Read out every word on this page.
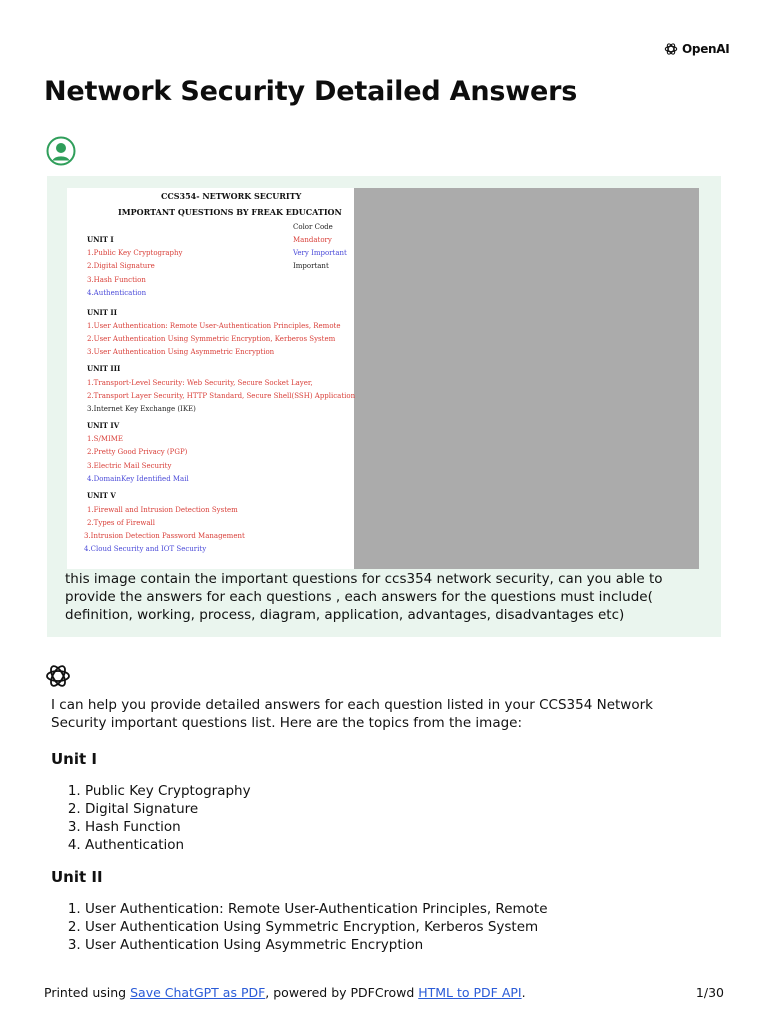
OpenAI
Network Security Detailed Answers
CCS354- NETWORK SECURITY
IMPORTANT QUESTIONS BY FREAK EDUCATION
Color Code
Mandatory
Very Important
Important
UNIT I
1.Public Key Cryptography
2.Digital Signature
3.Hash Function
4.Authentication
UNIT II
1.User Authentication: Remote User-Authentication Principles, Remote
2.User Authentication Using Symmetric Encryption, Kerberos System
3.User Authentication Using Asymmetric Encryption
UNIT III
1.Transport-Level Security: Web Security, Secure Socket Layer,
2.Transport Layer Security, HTTP Standard, Secure Shell(SSH) Application
3.Internet Key Exchange (IKE)
UNIT IV
1.S/MIME
2.Pretty Good Privacy (PGP)
3.Electric Mail Security
4.DomainKey Identified Mail
UNIT V
1.Firewall and Intrusion Detection System
2.Types of Firewall
3.Intrusion Detection Password Management
4.Cloud Security and IOT Security
this image contain the important questions for ccs354 network security, can you able to provide the answers for each questions , each answers for the questions must include( definition, working, process, diagram, application, advantages, disadvantages etc)

I can help you provide detailed answers for each question listed in your CCS354 Network Security important questions list. Here are the topics from the image:

Unit I
1. Public Key Cryptography
2. Digital Signature
3. Hash Function
4. Authentication
Unit II
1. User Authentication: Remote User-Authentication Principles, Remote
2. User Authentication Using Symmetric Encryption, Kerberos System
3. User Authentication Using Asymmetric Encryption
Printed using Save ChatGPT as PDF, powered by PDFCrowd HTML to PDF API.	1/30
